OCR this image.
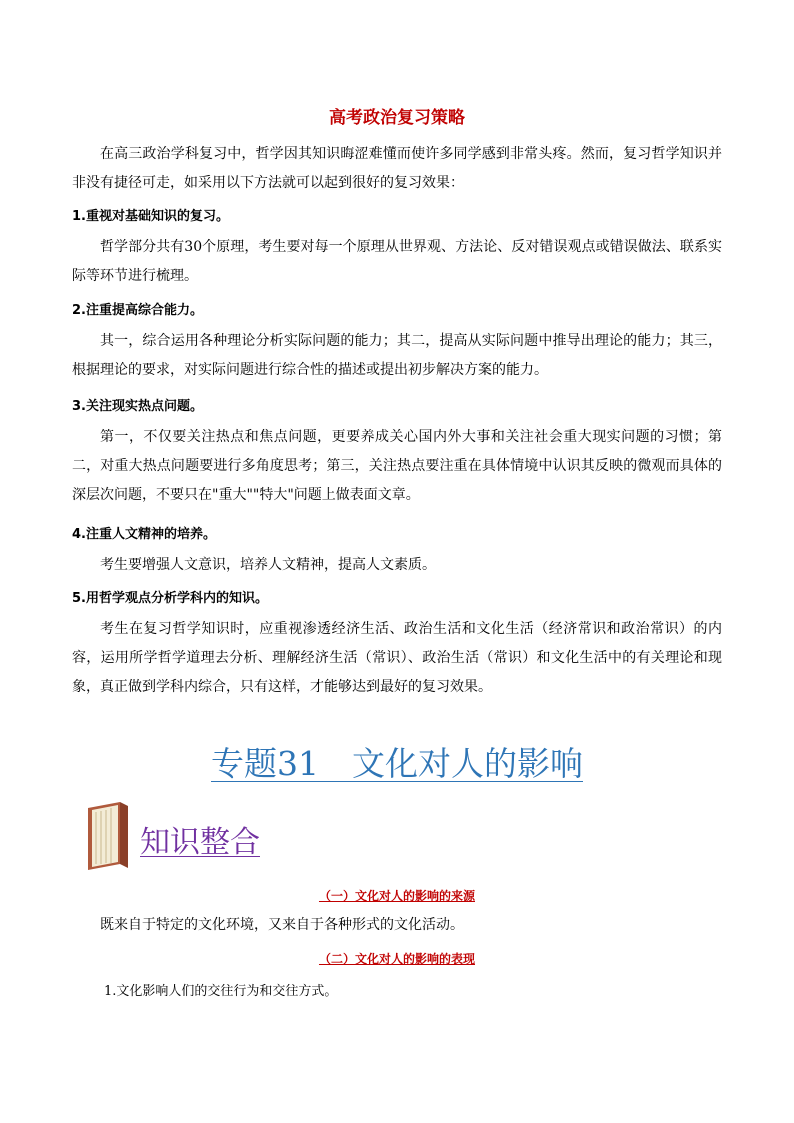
高考政治复习策略

在高三政治学科复习中，哲学因其知识晦涩难懂而使许多同学感到非常头疼。然而，复习哲学知识并非没有捷径可走，如采用以下方法就可以起到很好的复习效果：

1.重视对基础知识的复习。

哲学部分共有30个原理，考生要对每一个原理从世界观、方法论、反对错误观点或错误做法、联系实际等环节进行梳理。

2.注重提高综合能力。

其一，综合运用各种理论分析实际问题的能力；其二，提高从实际问题中推导出理论的能力；其三，根据理论的要求，对实际问题进行综合性的描述或提出初步解决方案的能力。

3.关注现实热点问题。

第一，不仅要关注热点和焦点问题，更要养成关心国内外大事和关注社会重大现实问题的习惯；第二，对重大热点问题要进行多角度思考；第三，关注热点要注重在具体情境中认识其反映的微观而具体的深层次问题，不要只在"重大""特大"问题上做表面文章。

4.注重人文精神的培养。

考生要增强人文意识，培养人文精神，提高人文素质。

5.用哲学观点分析学科内的知识。

考生在复习哲学知识时，应重视渗透经济生活、政治生活和文化生活（经济常识和政治常识）的内容，运用所学哲学道理去分析、理解经济生活（常识）、政治生活（常识）和文化生活中的有关理论和现象，真正做到学科内综合，只有这样，才能够达到最好的复习效果。

专题31　文化对人的影响
知识整合
（一）文化对人的影响的来源

既来自于特定的文化环境，又来自于各种形式的文化活动。

（二）文化对人的影响的表现

1.文化影响人们的交往行为和交往方式。
